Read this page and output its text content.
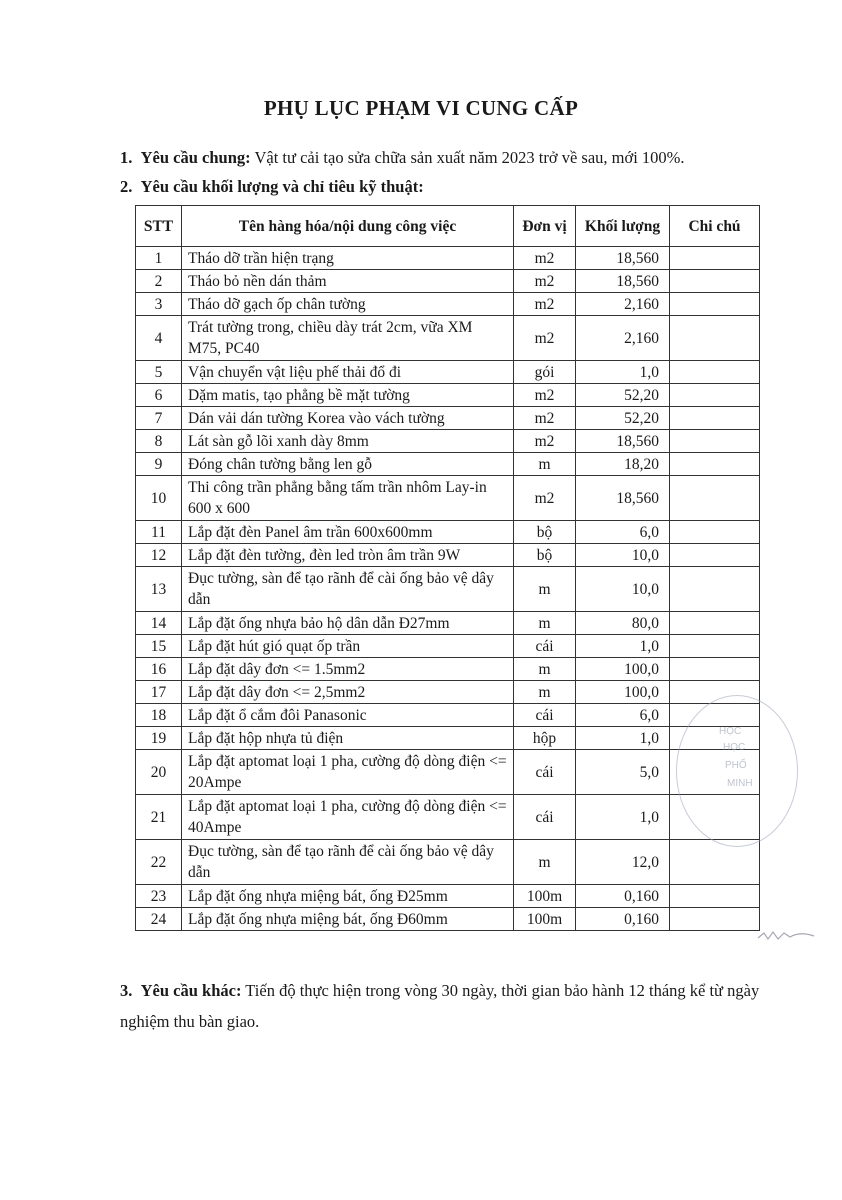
PHỤ LỤC PHẠM VI CUNG CẤP
1. Yêu cầu chung: Vật tư cải tạo sửa chữa sản xuất năm 2023 trở về sau, mới 100%.
2. Yêu cầu khối lượng và chỉ tiêu kỹ thuật:
STT	Tên hàng hóa/nội dung công việc	Đơn vị	Khối lượng	Chi chú
1	Tháo dỡ trần hiện trạng	m2	18,560	
2	Tháo bỏ nền dán thảm	m2	18,560	
3	Tháo dỡ gạch ốp chân tường	m2	2,160	
4	Trát tường trong, chiều dày trát 2cm, vữa XM M75, PC40	m2	2,160	
5	Vận chuyển vật liệu phế thải đổ đi	gói	1,0	
6	Dặm matis, tạo phẳng bề mặt tường	m2	52,20	
7	Dán vải dán tường Korea vào vách tường	m2	52,20	
8	Lát sàn gỗ lõi xanh dày 8mm	m2	18,560	
9	Đóng chân tường bằng len gỗ	m	18,20	
10	Thi công trần phẳng bằng tấm trần nhôm Lay-in 600 x 600	m2	18,560	
11	Lắp đặt đèn Panel âm trần 600x600mm	bộ	6,0	
12	Lắp đặt đèn tường, đèn led tròn âm trần 9W	bộ	10,0	
13	Đục tường, sàn để tạo rãnh để cài ống bảo vệ dây dẫn	m	10,0	
14	Lắp đặt ống nhựa bảo hộ dân dẫn Đ27mm	m	80,0	
15	Lắp đặt hút gió quạt ốp trần	cái	1,0	
16	Lắp đặt dây đơn <= 1.5mm2	m	100,0	
17	Lắp đặt dây đơn <= 2,5mm2	m	100,0	
18	Lắp đặt ổ cắm đôi Panasonic	cái	6,0	
19	Lắp đặt hộp nhựa tủ điện	hộp	1,0	
20	Lắp đặt aptomat loại 1 pha, cường độ dòng điện <= 20Ampe	cái	5,0	
21	Lắp đặt aptomat loại 1 pha, cường độ dòng điện <= 40Ampe	cái	1,0	
22	Đục tường, sàn để tạo rãnh để cài ống bảo vệ dây dẫn	m	12,0	
23	Lắp đặt ống nhựa miệng bát, ống Đ25mm	100m	0,160	
24	Lắp đặt ống nhựa miệng bát, ống Đ60mm	100m	0,160	
3. Yêu cầu khác: Tiến độ thực hiện trong vòng 30 ngày, thời gian bảo hành 12 tháng kể từ ngày nghiệm thu bàn giao.
HỌC
HỌC
PHỐ
MINH
